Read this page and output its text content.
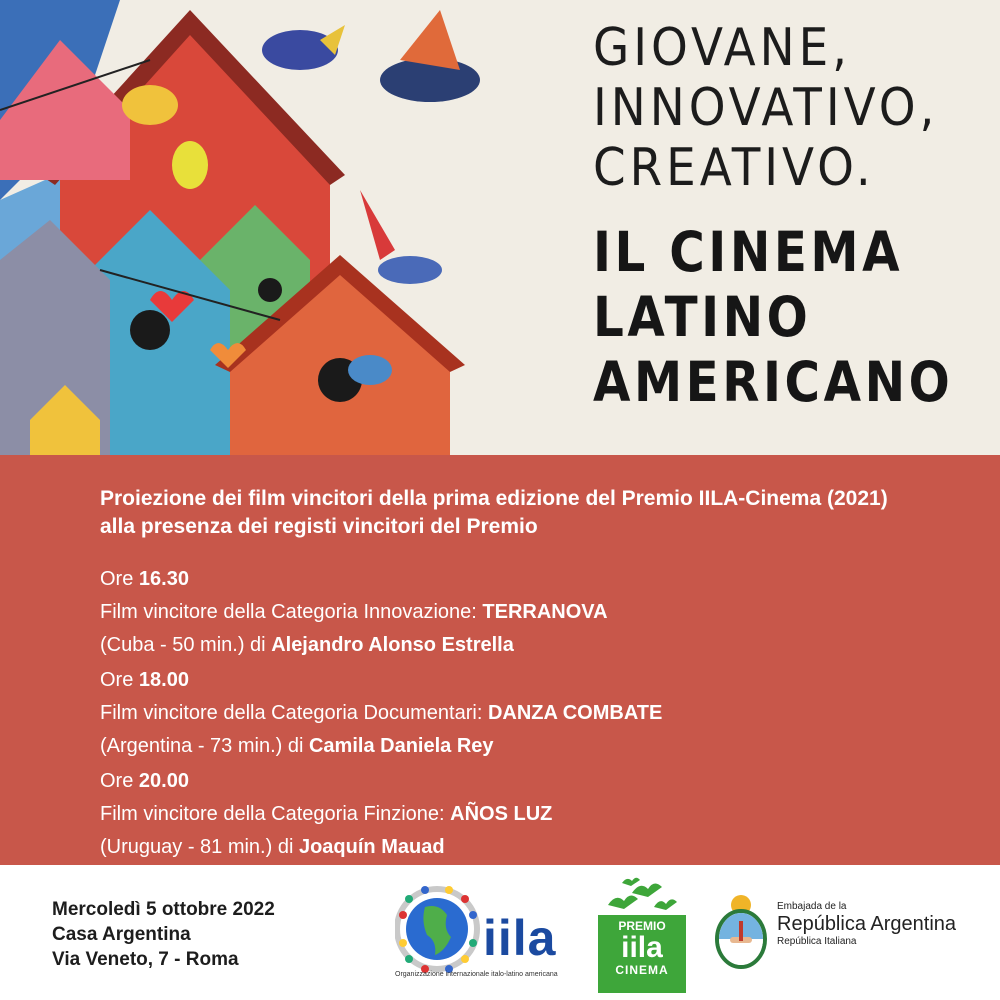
GIOVANE,
INNOVATIVO,
CREATIVO.
IL CINEMA
LATINO
AMERICANO

Proiezione dei film vincitori della prima edizione del Premio IILA-Cinema (2021) alla presenza dei registi vincitori del Premio

Ore 16.30
Film vincitore della Categoria Innovazione: TERRANOVA
(Cuba - 50 min.) di Alejandro Alonso Estrella
Ore 18.00
Film vincitore della Categoria Documentari: DANZA COMBATE
(Argentina - 73 min.) di Camila Daniela Rey
Ore 20.00
Film vincitore della Categoria Finzione: AÑOS LUZ
(Uruguay - 81 min.) di Joaquín Mauad
Mercoledì 5 ottobre 2022
Casa Argentina
Via Veneto, 7 - Roma	iila
Organizzazione internazionale italo-latino americana
PREMIO
iila
CINEMA
Embajada de la
República Argentina
República Italiana
